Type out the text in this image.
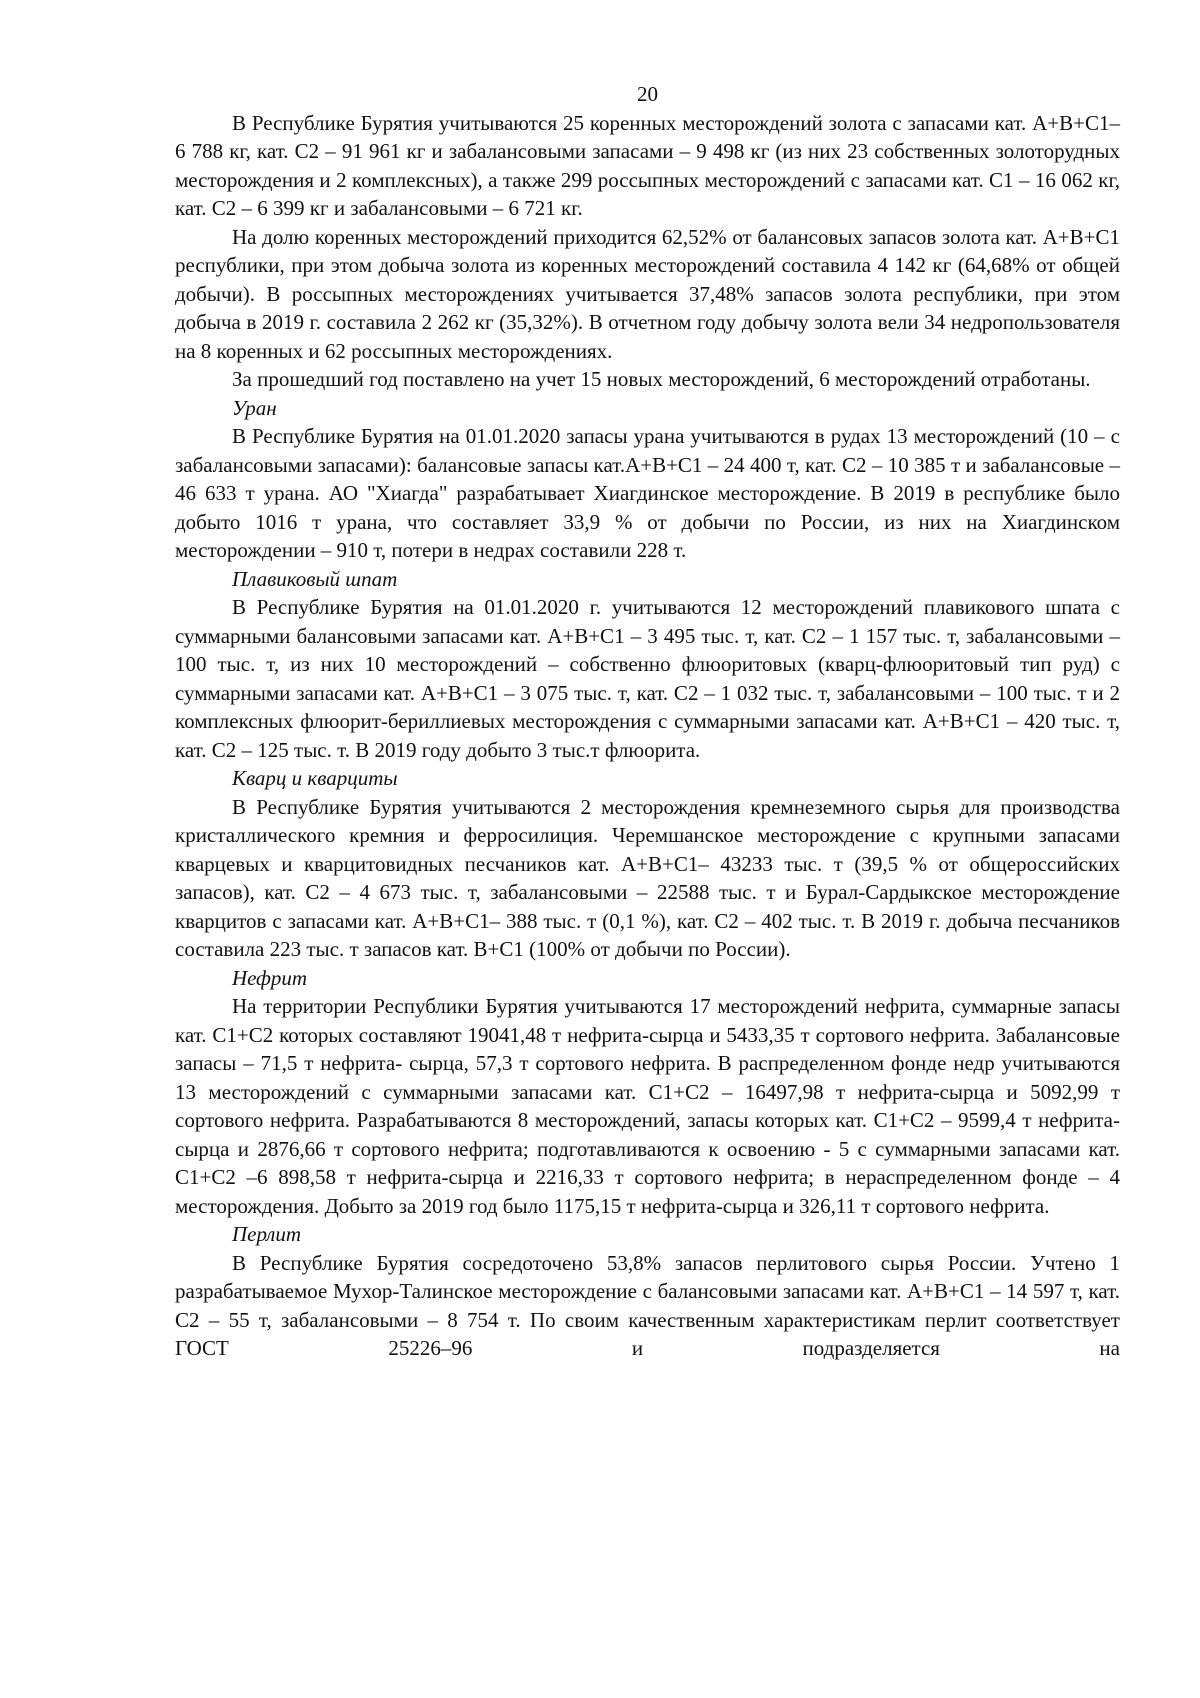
20

В Республике Бурятия учитываются 25 коренных месторождений золота с запасами кат. А+В+С1– 6 788 кг, кат. С2 – 91 961 кг и забалансовыми запасами – 9 498 кг (из них 23 собственных золоторудных месторождения и 2 комплексных), а также 299 россыпных месторождений с запасами кат. С1 – 16 062 кг, кат. С2 – 6 399 кг и забалансовыми – 6 721 кг.

На долю коренных месторождений приходится 62,52% от балансовых запасов золота кат. А+В+С1 республики, при этом добыча золота из коренных месторождений составила 4 142 кг (64,68% от общей добычи). В россыпных месторождениях учитывается 37,48% запасов золота республики, при этом добыча в 2019 г. составила 2 262 кг (35,32%). В отчетном году добычу золота вели 34 недропользователя на 8 коренных и 62 россыпных месторождениях.

За прошедший год поставлено на учет 15 новых месторождений, 6 месторождений отработаны.

Уран

В Республике Бурятия на 01.01.2020 запасы урана учитываются в рудах 13 месторождений (10 – с забалансовыми запасами): балансовые запасы кат.А+В+С1 – 24 400 т, кат. С2 – 10 385 т и забалансовые – 46 633 т урана. АО "Хиагда" разрабатывает Хиагдинское месторождение. В 2019 в республике было добыто 1016 т урана, что составляет 33,9 % от добычи по России, из них на Хиагдинском месторождении – 910 т, потери в недрах составили 228 т.

Плавиковый шпат

В Республике Бурятия на 01.01.2020 г. учитываются 12 месторождений плавикового шпата с суммарными балансовыми запасами кат. А+В+С1 – 3 495 тыс. т, кат. С2 – 1 157 тыс. т, забалансовыми – 100 тыс. т, из них 10 месторождений – собственно флюоритовых (кварц-флюоритовый тип руд) с суммарными запасами кат. А+В+С1 – 3 075 тыс. т, кат. С2 – 1 032 тыс. т, забалансовыми – 100 тыс. т и 2 комплексных флюорит-бериллиевых месторождения с суммарными запасами кат. А+В+С1 – 420 тыс. т, кат. С2 – 125 тыс. т. В 2019 году добыто 3 тыс.т флюорита.

Кварц и кварциты

В Республике Бурятия учитываются 2 месторождения кремнеземного сырья для производства кристаллического кремния и ферросилиция. Черемшанское месторождение с крупными запасами кварцевых и кварцитовидных песчаников кат. А+В+С1– 43233 тыс. т (39,5 % от общероссийских запасов), кат. С2 – 4 673 тыс. т, забалансовыми – 22588 тыс. т и Бурал-Сардыкское месторождение кварцитов с запасами кат. А+В+С1– 388 тыс. т (0,1 %), кат. С2 – 402 тыс. т. В 2019 г. добыча песчаников составила 223 тыс. т запасов кат. В+С1 (100% от добычи по России).

Нефрит

На территории Республики Бурятия учитываются 17 месторождений нефрита, суммарные запасы кат. С1+С2 которых составляют 19041,48 т нефрита-сырца и 5433,35 т сортового нефрита. Забалансовые запасы – 71,5 т нефрита- сырца, 57,3 т сортового нефрита. В распределенном фонде недр учитываются 13 месторождений с суммарными запасами кат. С1+С2 – 16497,98 т нефрита-сырца и 5092,99 т сортового нефрита. Разрабатываются 8 месторождений, запасы которых кат. С1+С2 – 9599,4 т нефрита-сырца и 2876,66 т сортового нефрита; подготавливаются к освоению - 5 с суммарными запасами кат. С1+С2 –6 898,58 т нефрита-сырца и 2216,33 т сортового нефрита; в нераспределенном фонде – 4 месторождения. Добыто за 2019 год было 1175,15 т нефрита-сырца и 326,11 т сортового нефрита.

Перлит

В Республике Бурятия сосредоточено 53,8% запасов перлитового сырья России. Учтено 1 разрабатываемое Мухор-Талинское месторождение с балансовыми запасами кат. А+В+С1 – 14 597 т, кат. С2 – 55 т, забалансовыми – 8 754 т. По своим качественным характеристикам перлит соответствует ГОСТ 25226–96 и подразделяется на
